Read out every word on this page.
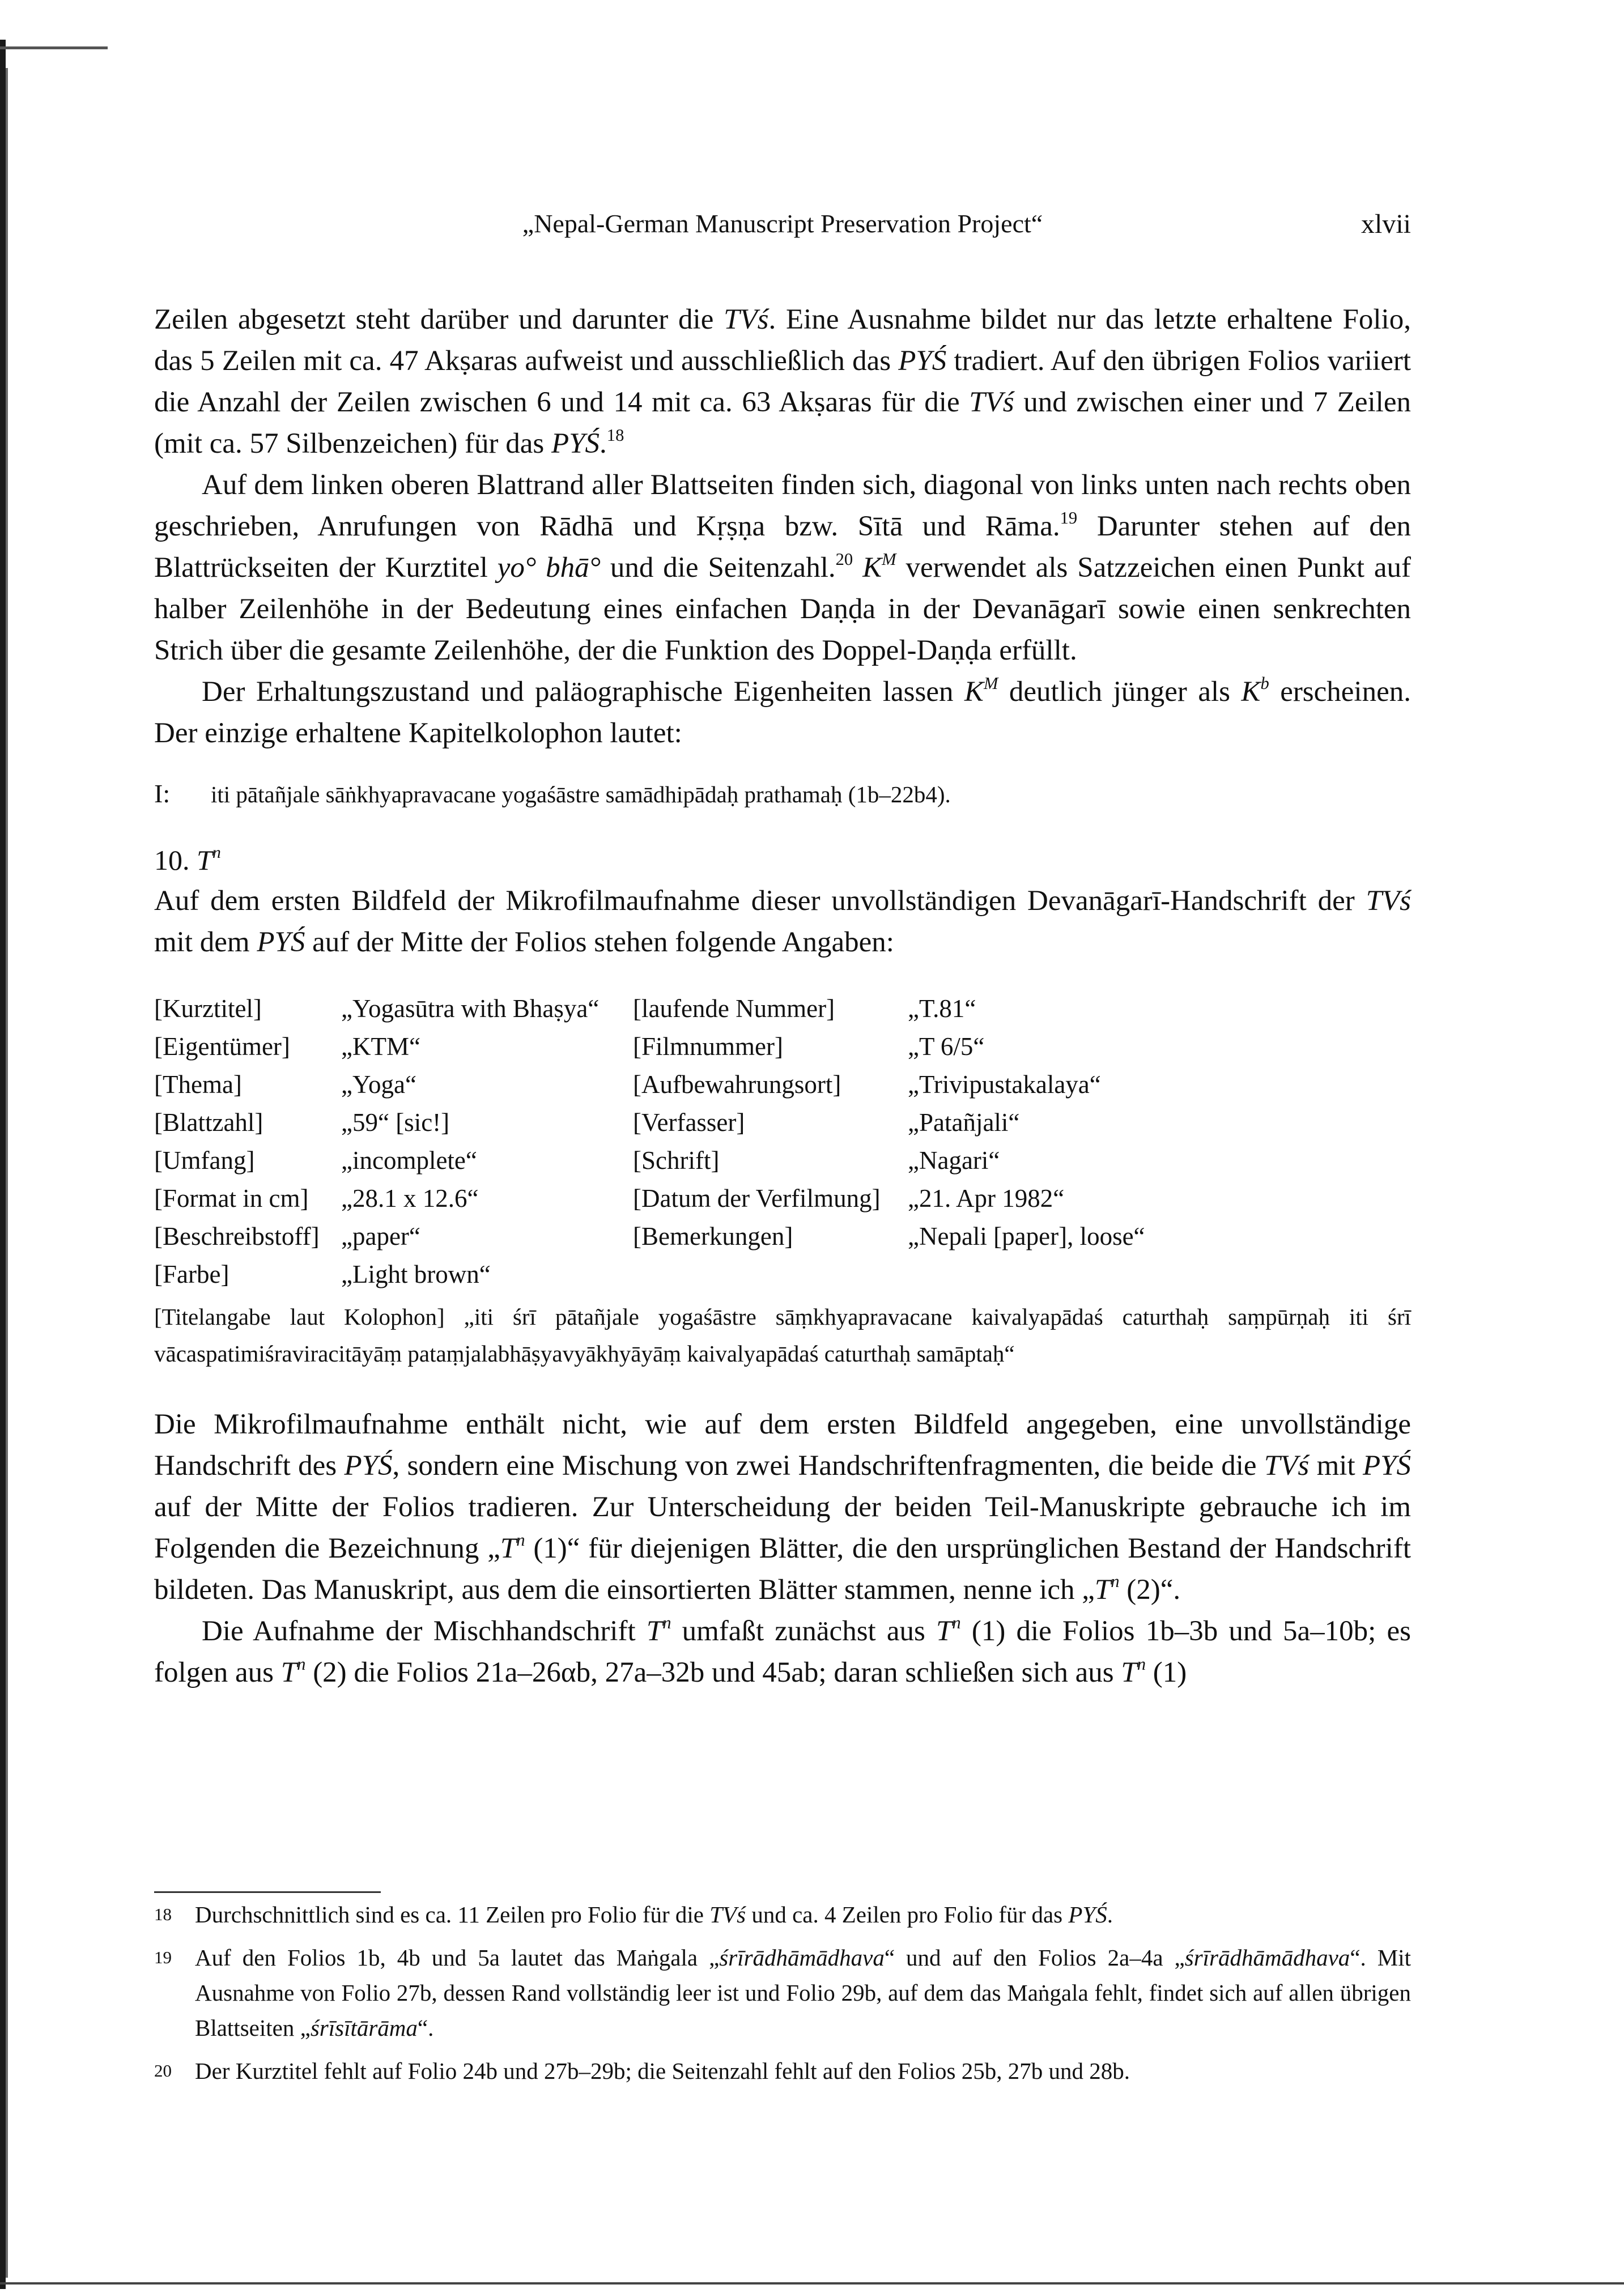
„Nepal-German Manuscript Preservation Project“	xlvii

Zeilen abgesetzt steht darüber und darunter die TVś. Eine Ausnahme bildet nur das letzte erhaltene Folio, das 5 Zeilen mit ca. 47 Akṣaras aufweist und ausschließlich das PYŚ tradiert. Auf den übrigen Folios variiert die Anzahl der Zeilen zwischen 6 und 14 mit ca. 63 Akṣaras für die TVś und zwischen einer und 7 Zeilen (mit ca. 57 Silbenzeichen) für das PYŚ.$^{18}$

Auf dem linken oberen Blattrand aller Blattseiten finden sich, diagonal von links unten nach rechts oben geschrieben, Anrufungen von Rādhā und Kṛṣṇa bzw. Sītā und Rāma.$^{19}$ Darunter stehen auf den Blattrückseiten der Kurztitel yo° bhā° und die Seitenzahl.$^{20}$ $K^M$ verwendet als Satzzeichen einen Punkt auf halber Zeilenhöhe in der Bedeutung eines einfachen Daṇḍa in der Devanāgarī sowie einen senkrechten Strich über die gesamte Zeilenhöhe, der die Funktion des Doppel-Daṇḍa erfüllt.

Der Erhaltungszustand und paläographische Eigenheiten lassen $K^M$ deutlich jünger als $K^b$ erscheinen. Der einzige erhaltene Kapitelkolophon lautet:

I: iti pātañjale sāṅkhyapravacane yogaśāstre samādhipādaḥ prathamaḥ (1b–22b4).
10. $T^n$

Auf dem ersten Bildfeld der Mikrofilmaufnahme dieser unvollständigen Devanāgarī-Handschrift der TVś mit dem PYŚ auf der Mitte der Folios stehen folgende Angaben:

[Kurztitel]	„Yogasūtra with Bhaṣya“	[laufende Nummer]	„T.81“
[Eigentümer]	„KTM“	[Filmnummer]	„T 6/5“
[Thema]	„Yoga“	[Aufbewahrungsort]	„Trivipustakalaya“
[Blattzahl]	„59“ [sic!]	[Verfasser]	„Patañjali“
[Umfang]	„incomplete“	[Schrift]	„Nagari“
[Format in cm]	„28.1 x 12.6“	[Datum der Verfilmung]	„21. Apr 1982“
[Beschreibstoff]	„paper“	[Bemerkungen]	„Nepali [paper], loose“
[Farbe]	„Light brown“		
[Titelangabe laut Kolophon] „iti śrī pātañjale yogaśāstre sāṃkhyapravacane kaivalyapādaś caturthaḥ saṃpūrṇaḥ iti śrī vācaspatimiśraviracitāyāṃ pataṃjalabhāṣyavyākhyāyāṃ kaivalyapādaś caturthaḥ samāptaḥ“

Die Mikrofilmaufnahme enthält nicht, wie auf dem ersten Bildfeld angegeben, eine unvollständige Handschrift des PYŚ, sondern eine Mischung von zwei Handschriftenfragmenten, die beide die TVś mit PYŚ auf der Mitte der Folios tradieren. Zur Unterscheidung der beiden Teil-Manuskripte gebrauche ich im Folgenden die Bezeichnung $„T^n$ (1)“ für diejenigen Blätter, die den ursprünglichen Bestand der Handschrift bildeten. Das Manuskript, aus dem die einsortierten Blätter stammen, nenne ich $„T^n$ (2)“.

Die Aufnahme der Mischhandschrift $T^n$ umfaßt zunächst aus $T^n$ (1) die Folios 1b–3b und 5a–10b; es folgen aus $T^n$ (2) die Folios 21a–26αb, 27a–32b und 45ab; daran schließen sich aus $T^n$ (1)

18 Durchschnittlich sind es ca. 11 Zeilen pro Folio für die TVś und ca. 4 Zeilen pro Folio für das PYŚ.
19 Auf den Folios 1b, 4b und 5a lautet das Maṅgala „śrīrādhāmādhava“ und auf den Folios 2a–4a „śrīrādhāmādhava“. Mit Ausnahme von Folio 27b, dessen Rand vollständig leer ist und Folio 29b, auf dem das Maṅgala fehlt, findet sich auf allen übrigen Blattseiten „śrīsītārāma“.
20 Der Kurztitel fehlt auf Folio 24b und 27b–29b; die Seitenzahl fehlt auf den Folios 25b, 27b und 28b.
